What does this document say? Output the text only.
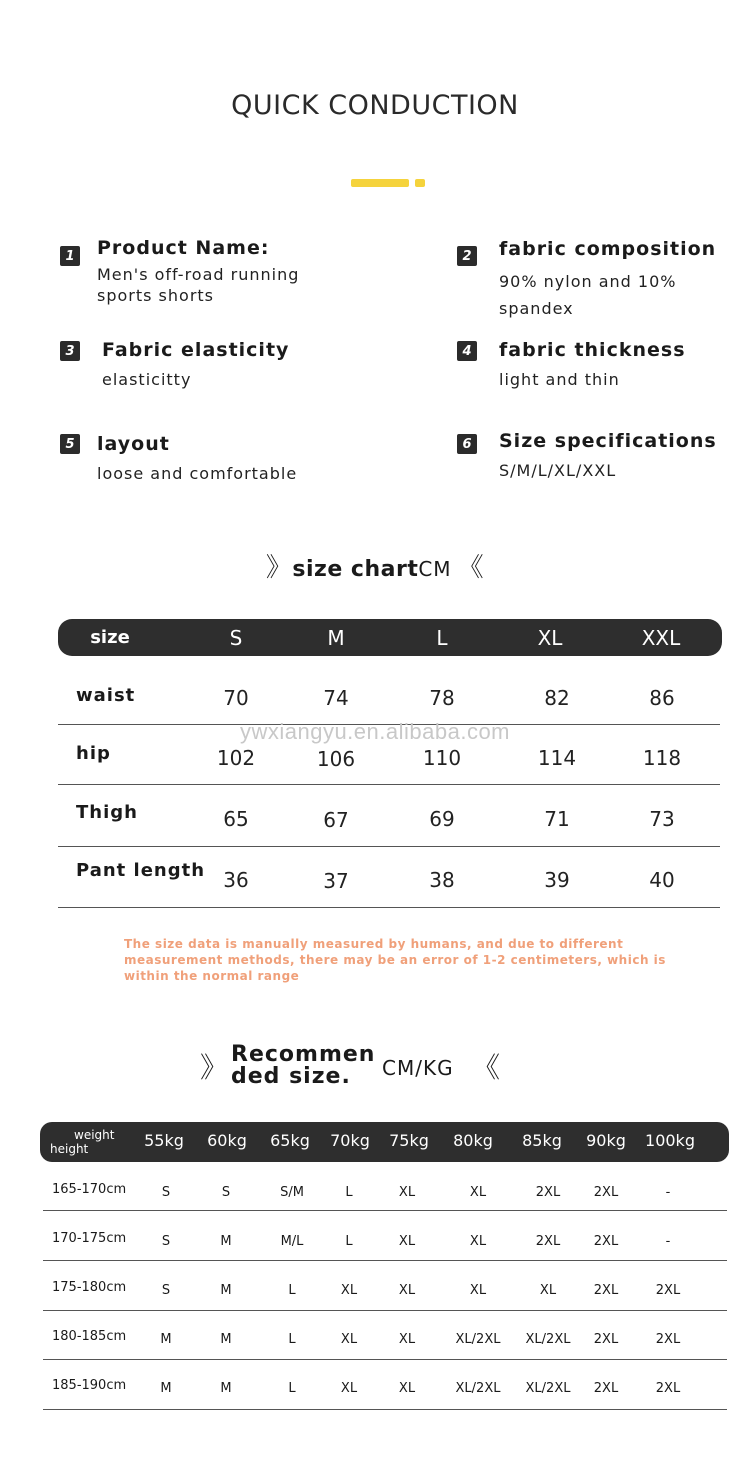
QUICK CONDUCTION
1 Product Name:
Men's off-road running
sports shorts
2 fabric composition
90% nylon and 10%
spandex
3 Fabric elasticity
elasticitty
4 fabric thickness
light and thin
5 layout
loose and comfortable
6 Size specifications
S/M/L/XL/XXL
》size chartCM 《
size	S	M	L	XL	XXL
waist	70	74	78	82	86
ywxiangyu.en.alibaba.com
hip	102	106	110	114	118
Thigh	65	67	69	71	73
Pant length 36	37	38	39	40
The size data is manually measured by humans, and due to different measurement methods, there may be an error of 1-2 centimeters, which is within the normal range
》 Recommen
ded size.	CM/KG 《
weight
height	55kg	60kg	65kg	70kg	75kg	80kg	85kg	90kg	100kg
165-170cm	S	S	S/M	L	XL	XL	2XL	2XL	-
170-175cm	S	M	M/L	L	XL	XL	2XL	2XL	-
175-180cm	S	M	L	XL	XL	XL	XL	2XL	2XL
180-185cm	M	M	L	XL	XL	XL/2XL	XL/2XL	2XL	2XL
185-190cm	M	M	L	XL	XL	XL/2XL	XL/2XL	2XL	2XL
